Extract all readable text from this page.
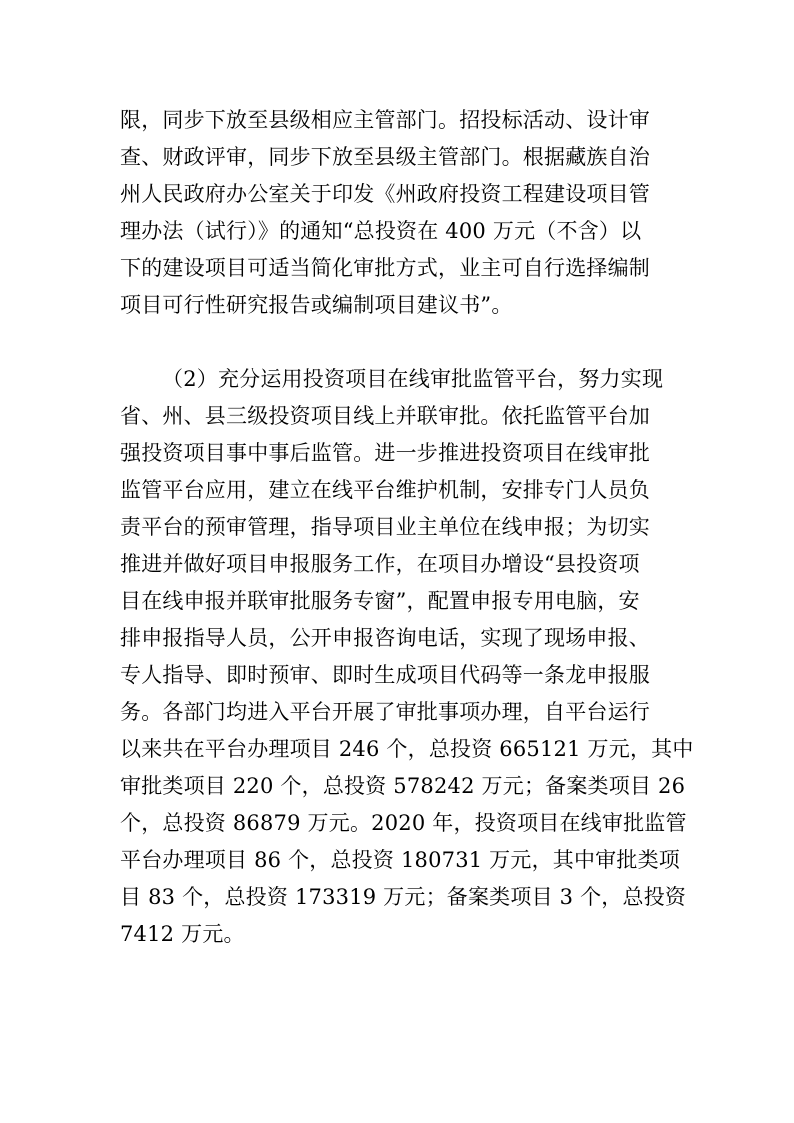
限，同步下放至县级相应主管部门。招投标活动、设计审
查、财政评审，同步下放至县级主管部门。根据藏族自治
州人民政府办公室关于印发《州政府投资工程建设项目管
理办法（试行）》的通知“总投资在 400 万元（不含）以
下的建设项目可适当简化审批方式，业主可自行选择编制
项目可行性研究报告或编制项目建议书”。
（2）充分运用投资项目在线审批监管平台，努力实现
省、州、县三级投资项目线上并联审批。依托监管平台加
强投资项目事中事后监管。进一步推进投资项目在线审批
监管平台应用，建立在线平台维护机制，安排专门人员负
责平台的预审管理，指导项目业主单位在线申报；为切实
推进并做好项目申报服务工作，在项目办增设“县投资项
目在线申报并联审批服务专窗”，配置申报专用电脑，安
排申报指导人员，公开申报咨询电话，实现了现场申报、
专人指导、即时预审、即时生成项目代码等一条龙申报服
务。各部门均进入平台开展了审批事项办理，自平台运行
以来共在平台办理项目 246 个，总投资 665121 万元，其中
审批类项目 220 个，总投资 578242 万元；备案类项目 26
个，总投资 86879 万元。2020 年，投资项目在线审批监管
平台办理项目 86 个，总投资 180731 万元，其中审批类项
目 83 个，总投资 173319 万元；备案类项目 3 个，总投资
7412 万元。
